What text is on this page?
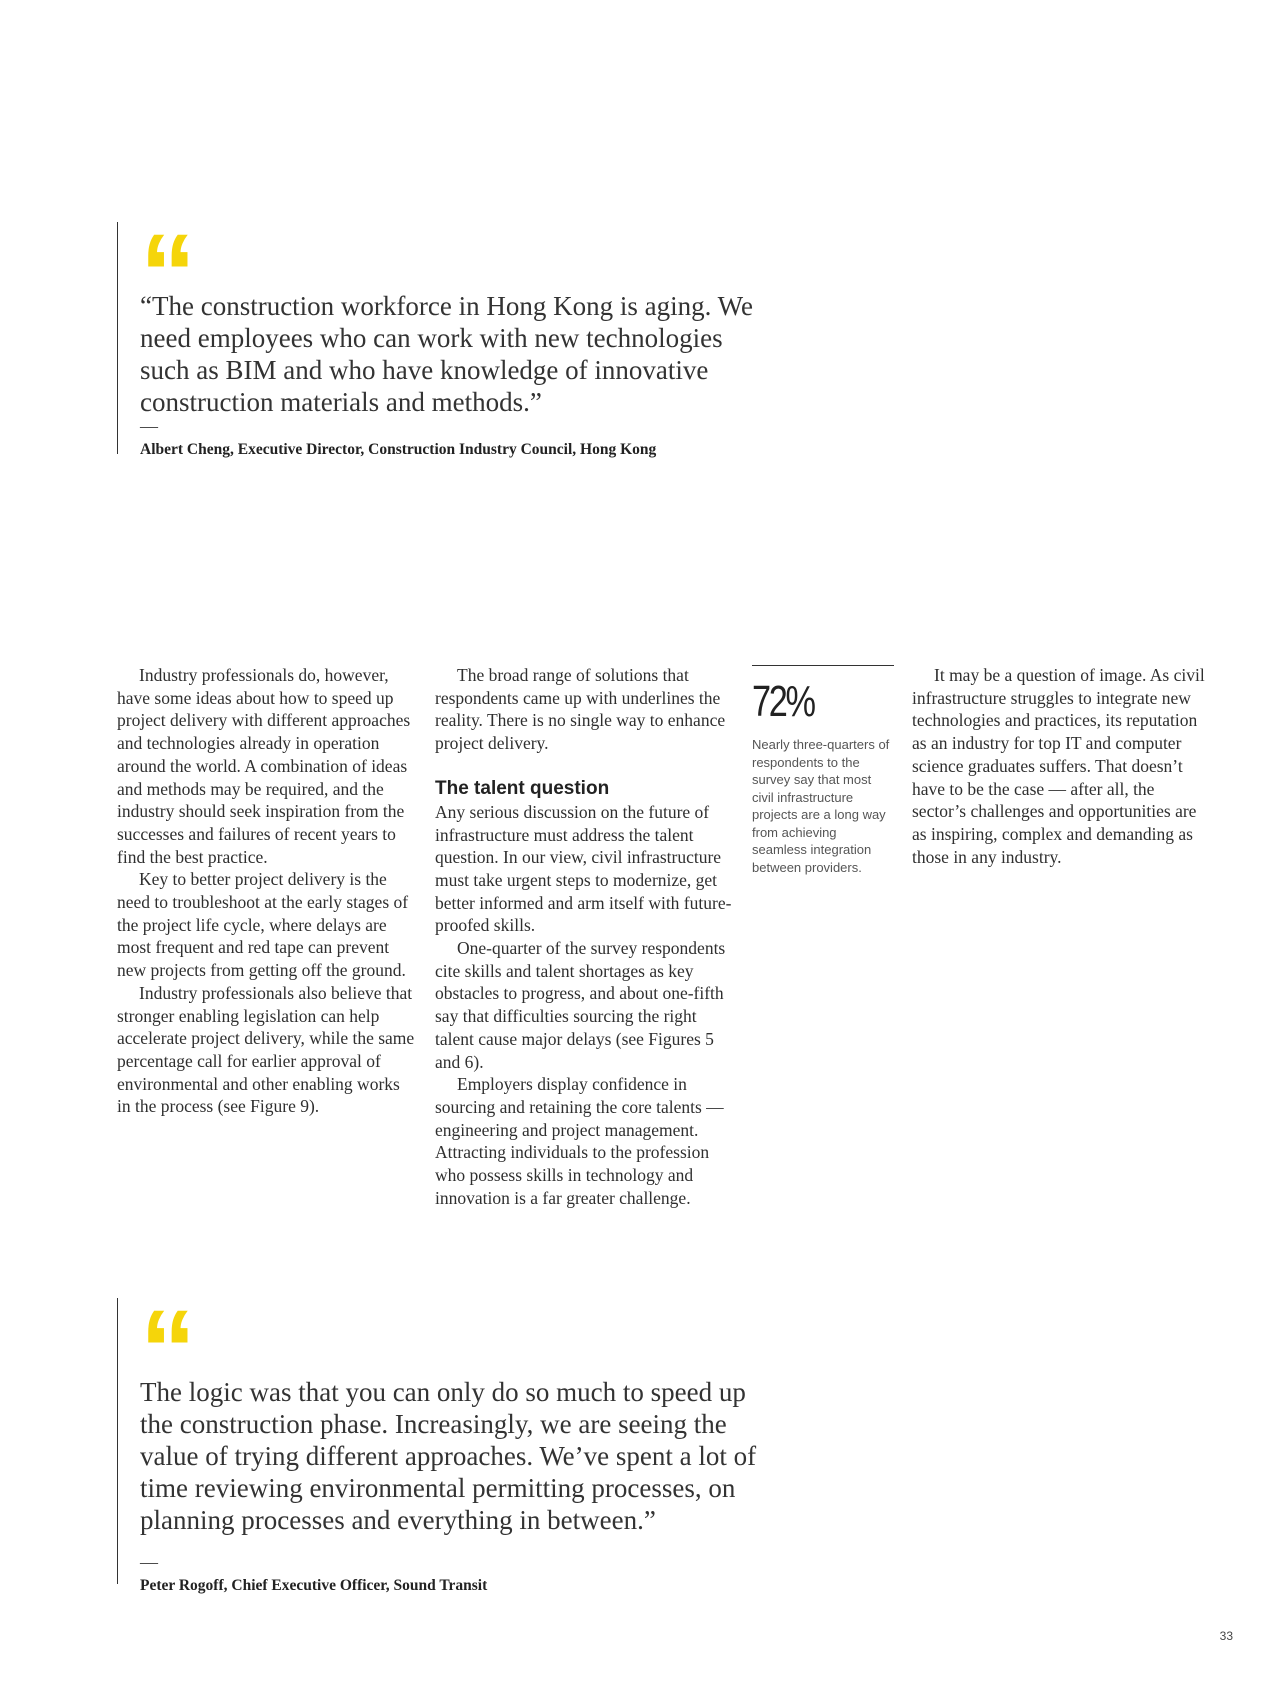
“

“The construction workforce in Hong Kong is aging. We need employees who can work with new technologies such as BIM and who have knowledge of innovative construction materials and methods.”

—
Albert Cheng, Executive Director, Construction Industry Council, Hong Kong

Industry professionals do, however, have some ideas about how to speed up project delivery with different approaches and technologies already in operation around the world. A combination of ideas and methods may be required, and the industry should seek inspiration from the successes and failures of recent years to find the best practice.

Key to better project delivery is the need to troubleshoot at the early stages of the project life cycle, where delays are most frequent and red tape can prevent new projects from getting off the ground.

Industry professionals also believe that stronger enabling legislation can help accelerate project delivery, while the same percentage call for earlier approval of environmental and other enabling works in the process (see Figure 9).

The broad range of solutions that respondents came up with underlines the reality. There is no single way to enhance project delivery.

The talent question

Any serious discussion on the future of infrastructure must address the talent question. In our view, civil infrastructure must take urgent steps to modernize, get better informed and arm itself with future-proofed skills.

One-quarter of the survey respondents cite skills and talent shortages as key obstacles to progress, and about one-fifth say that difficulties sourcing the right talent cause major delays (see Figures 5 and 6).

Employers display confidence in sourcing and retaining the core talents — engineering and project management. Attracting individuals to the profession who possess skills in technology and innovation is a far greater challenge.

72%
Nearly three-quarters of respondents to the survey say that most civil infrastructure projects are a long way from achieving seamless integration between providers.

It may be a question of image. As civil infrastructure struggles to integrate new technologies and practices, its reputation as an industry for top IT and computer science graduates suffers. That doesn’t have to be the case — after all, the sector’s challenges and opportunities are as inspiring, complex and demanding as those in any industry.

“

The logic was that you can only do so much to speed up the construction phase. Increasingly, we are seeing the value of trying different approaches. We’ve spent a lot of time reviewing environmental permitting processes, on planning processes and everything in between.”

—
Peter Rogoff, Chief Executive Officer, Sound Transit
33
